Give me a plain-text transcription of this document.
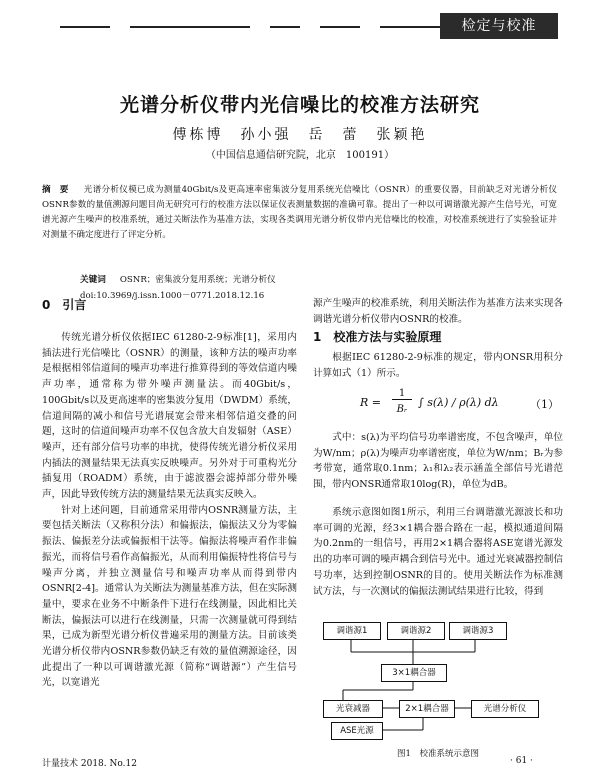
检定与校准
光谱分析仪带内光信噪比的校准方法研究
傅栋博　孙小强　岳　蕾　张颖艳
（中国信息通信研究院，北京　100191）
摘　要 　 光谱分析仪模已成为测量40Gbit/s及更高速率密集波分复用系统光信噪比（OSNR）的重要仪器，目前缺乏对光谱分析仪OSNR参数的量值溯源问题目尚无研究可行的校准方法以保证仪表测量数据的准确可靠。提出了一种以可调谐激光源产生信号光，可宽谱光源产生噪声的校准系统，通过关断法作为基准方法，实现各类调用光谱分析仪带内光信噪比的校准，对校准系统进行了实验验证并对测量不确定度进行了评定分析。
关键词 　 OSNR；密集波分复用系统；光谱分析仪
doi:10.3969/j.issn.1000－0771.2018.12.16
0　引言
传统光谱分析仪依据IEC 61280-2-9标准[1]，采用内插法进行光信噪比（OSNR）的测量，该种方法的噪声功率是根据相邻信道间的噪声功率进行推算得到的等效信道内噪声功率，通常称为带外噪声测量法。而40Gbit/s，100Gbit/s以及更高速率的密集波分复用（DWDM）系统，信道间隔的减小和信号光谱展宽会带来相邻信道交叠的问题，这时的信道间噪声功率不仅包含放大自发辐射（ASE）噪声，还有部分信号功率的串扰，使得传统光谱分析仪采用内插法的测量结果无法真实反映噪声。另外对于可重构光分插复用（ROADM）系统，由于滤波器会滤掉部分带外噪声，因此导致传统方法的测量结果无法真实反映入。
针对上述问题，目前通常采用带内OSNR测量方法，主要包括关断法（又称积分法）和偏振法，偏振法又分为零偏振法、偏振差分法或偏振相干法等。偏振法将噪声看作非偏振光，而将信号看作高偏振光，从而利用偏振特性将信号与噪声分离，并独立测量信号和噪声功率从而得到带内OSNR[2-4]。通常认为关断法为测量基准方法，但在实际测量中，要求在业务不中断条件下进行在线测量，因此相比关断法，偏振法可以进行在线测量，只需一次测量就可得到结果，已成为新型光谱分析仪普遍采用的测量方法。目前该类光谱分析仪带内OSNR参数仍缺乏有效的量值溯源途径，因此提出了一种以可调谐激光源（简称“调谐源”）产生信号光，以宽谱光
源产生噪声的校准系统，利用关断法作为基准方法来实现各调谐光谱分析仪带内OSNR的校准。
1　校准方法与实验原理
根据IEC 61280-2-9标准的规定，带内ONSR用积分计算如式（1）所示。
R =
1
Bᵣ
∫ s(λ) / ρ(λ) dλ	（1）
式中：s(λ)为平均信号功率谱密度，不包含噪声，单位为W/nm；ρ(λ)为噪声功率谱密度，单位为W/nm；Bᵣ为参考带宽，通常取0.1nm；λ₁和λ₂表示涵盖全部信号光谱范围，带内ONSR通常取10log(R)，单位为dB。
系统示意图如图1所示，利用三台调谐激光源波长和功率可调的光源，经3×1耦合器合路在一起，模拟通道间隔为0.2nm的一组信号，再用2×1耦合器将ASE宽谱光源发出的功率可调的噪声耦合到信号光中。通过光衰减器控制信号功率，达到控制OSNR的目的。使用关断法作为标准测试方法，与一次测试的偏振法测试结果进行比较，得到
调谐源1	调谐源2	调谐源3
3×1耦合器
光衰减器	2×1耦合器	光谱分析仪
ASE光源
图1　校准系统示意图
计量技术 2018. No.12	· 61 ·
